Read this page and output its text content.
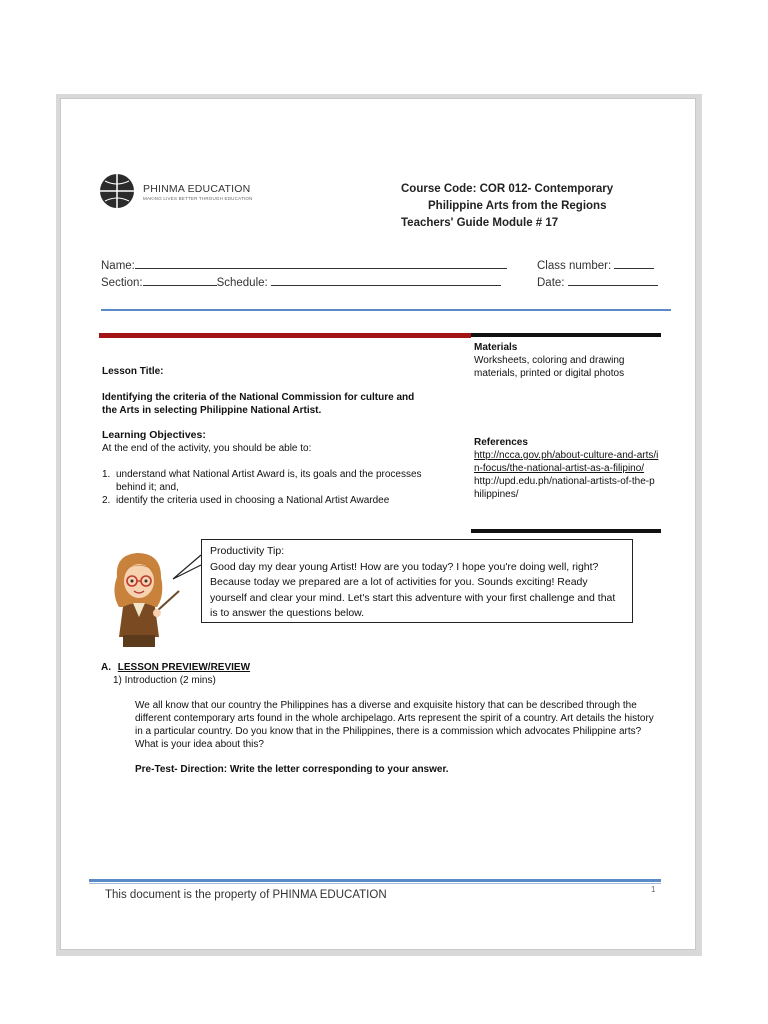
PHINMA EDUCATION
MAKING LIVES BETTER THROUGH EDUCATION
Course Code: COR 012- Contemporary
Philippine Arts from the Regions
Teachers' Guide Module # 17
Name:	Class number:
Section:	Schedule:	Date:
Lesson Title:
Identifying the criteria of the National Commission for culture and the Arts in selecting Philippine National Artist.
Learning Objectives:
At the end of the activity, you should be able to:
1. understand what National Artist Award is, its goals and the processes behind it; and,
2. identify the criteria used in choosing a National Artist Awardee
Materials
Worksheets, coloring and drawing materials, printed or digital photos
References
http://ncca.gov.ph/about-culture-and-arts/in-focus/the-national-artist-as-a-filipino/
http://upd.edu.ph/national-artists-of-the-philippines/
Productivity Tip:
Good day my dear young Artist! How are you today? I hope you're doing well, right? Because today we prepared are a lot of activities for you. Sounds exciting! Ready yourself and clear your mind. Let's start this adventure with your first challenge and that is to answer the questions below.
A. LESSON PREVIEW/REVIEW
1) Introduction (2 mins)
We all know that our country the Philippines has a diverse and exquisite history that can be described through the different contemporary arts found in the whole archipelago. Arts represent the spirit of a country. Art details the history in a particular country. Do you know that in the Philippines, there is a commission which advocates Philippine arts? What is your idea about this?
Pre-Test- Direction: Write the letter corresponding to your answer.
This document is the property of PHINMA EDUCATION	1
